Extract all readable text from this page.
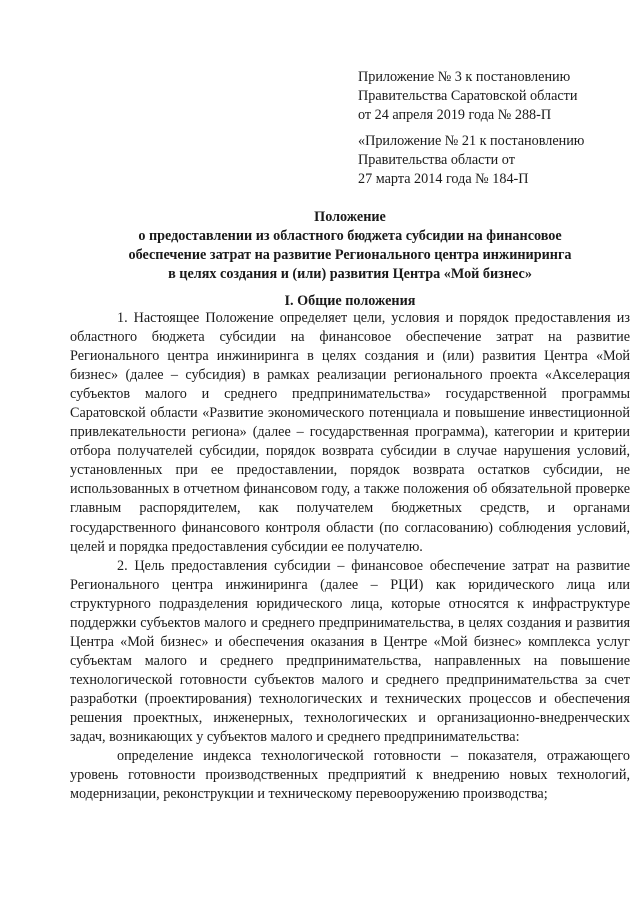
Приложение № 3 к постановлению

Правительства Саратовской области

от 24 апреля 2019 года № 288-П

«Приложение № 21 к постановлению

Правительства области от

27 марта 2014 года № 184-П

Положение

о предоставлении из областного бюджета субсидии на финансовое

обеспечение затрат на развитие Регионального центра инжиниринга

в целях создания и (или) развития Центра «Мой бизнес»

I. Общие положения

1. Настоящее Положение определяет цели, условия и порядок предоставления из областного бюджета субсидии на финансовое обеспечение затрат на развитие Регионального центра инжиниринга в целях создания и (или) развития Центра «Мой бизнес» (далее – субсидия) в рамках реализации регионального проекта «Акселерация субъектов малого и среднего предпринимательства» государственной программы Саратовской области «Развитие экономического потенциала и повышение инвестиционной привлекательности региона» (далее – государственная программа), категории и критерии отбора получателей субсидии, порядок возврата субсидии в случае нарушения условий, установленных при ее предоставлении, порядок возврата остатков субсидии, не использованных в отчетном финансовом году, а также положения об обязательной проверке главным распорядителем, как получателем бюджетных средств, и органами государственного финансового контроля области (по согласованию) соблюдения условий, целей и порядка предоставления субсидии ее получателю.

2. Цель предоставления субсидии – финансовое обеспечение затрат на развитие Регионального центра инжиниринга (далее – РЦИ) как юридического лица или структурного подразделения юридического лица, которые относятся к инфраструктуре поддержки субъектов малого и среднего предпринимательства, в целях создания и развития Центра «Мой бизнес» и обеспечения оказания в Центре «Мой бизнес» комплекса услуг субъектам малого и среднего предпринимательства, направленных на повышение технологической готовности субъектов малого и среднего предпринимательства за счет разработки (проектирования) технологических и технических процессов и обеспечения решения проектных, инженерных, технологических и организационно-внедренческих задач, возникающих у субъектов малого и среднего предпринимательства:

определение индекса технологической готовности – показателя, отражающего уровень готовности производственных предприятий к внедрению новых технологий, модернизации, реконструкции и техническому перевооружению производства;
